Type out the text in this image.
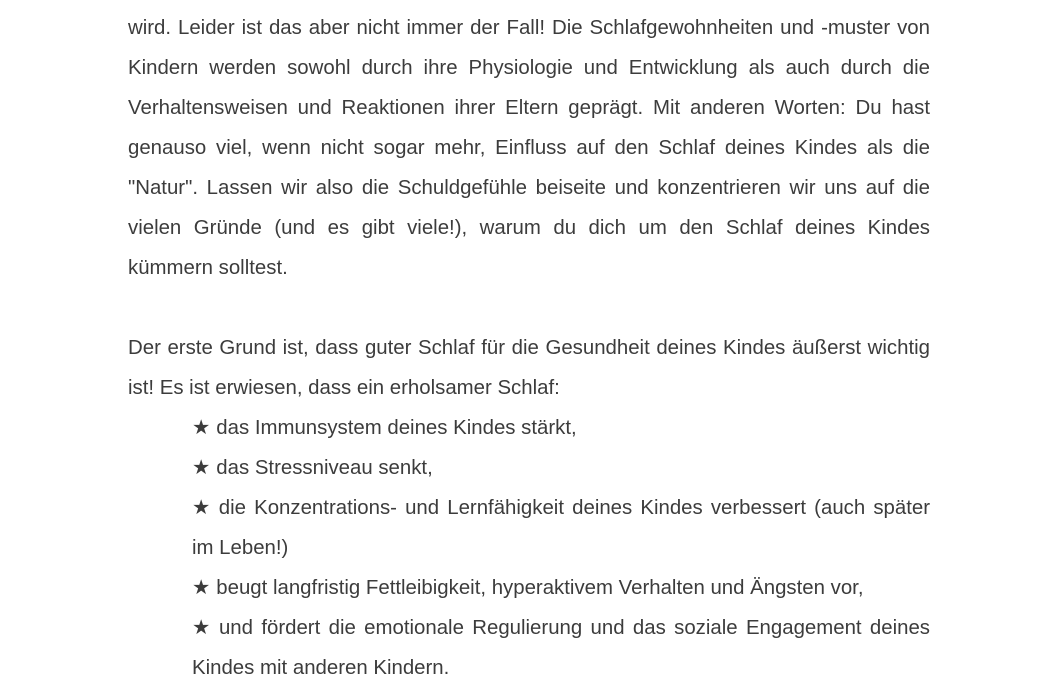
wird. Leider ist das aber nicht immer der Fall! Die Schlafgewohnheiten und -muster von Kindern werden sowohl durch ihre Physiologie und Entwicklung als auch durch die Verhaltensweisen und Reaktionen ihrer Eltern geprägt. Mit anderen Worten: Du hast genauso viel, wenn nicht sogar mehr, Einfluss auf den Schlaf deines Kindes als die "Natur". Lassen wir also die Schuldgefühle beiseite und konzentrieren wir uns auf die vielen Gründe (und es gibt viele!), warum du dich um den Schlaf deines Kindes kümmern solltest.

Der erste Grund ist, dass guter Schlaf für die Gesundheit deines Kindes äußerst wichtig ist! Es ist erwiesen, dass ein erholsamer Schlaf:

★ das Immunsystem deines Kindes stärkt,
★ das Stressniveau senkt,
★ die Konzentrations- und Lernfähigkeit deines Kindes verbessert (auch später im Leben!)
★ beugt langfristig Fettleibigkeit, hyperaktivem Verhalten und Ängsten vor,
★ und fördert die emotionale Regulierung und das soziale Engagement deines Kindes mit anderen Kindern.
